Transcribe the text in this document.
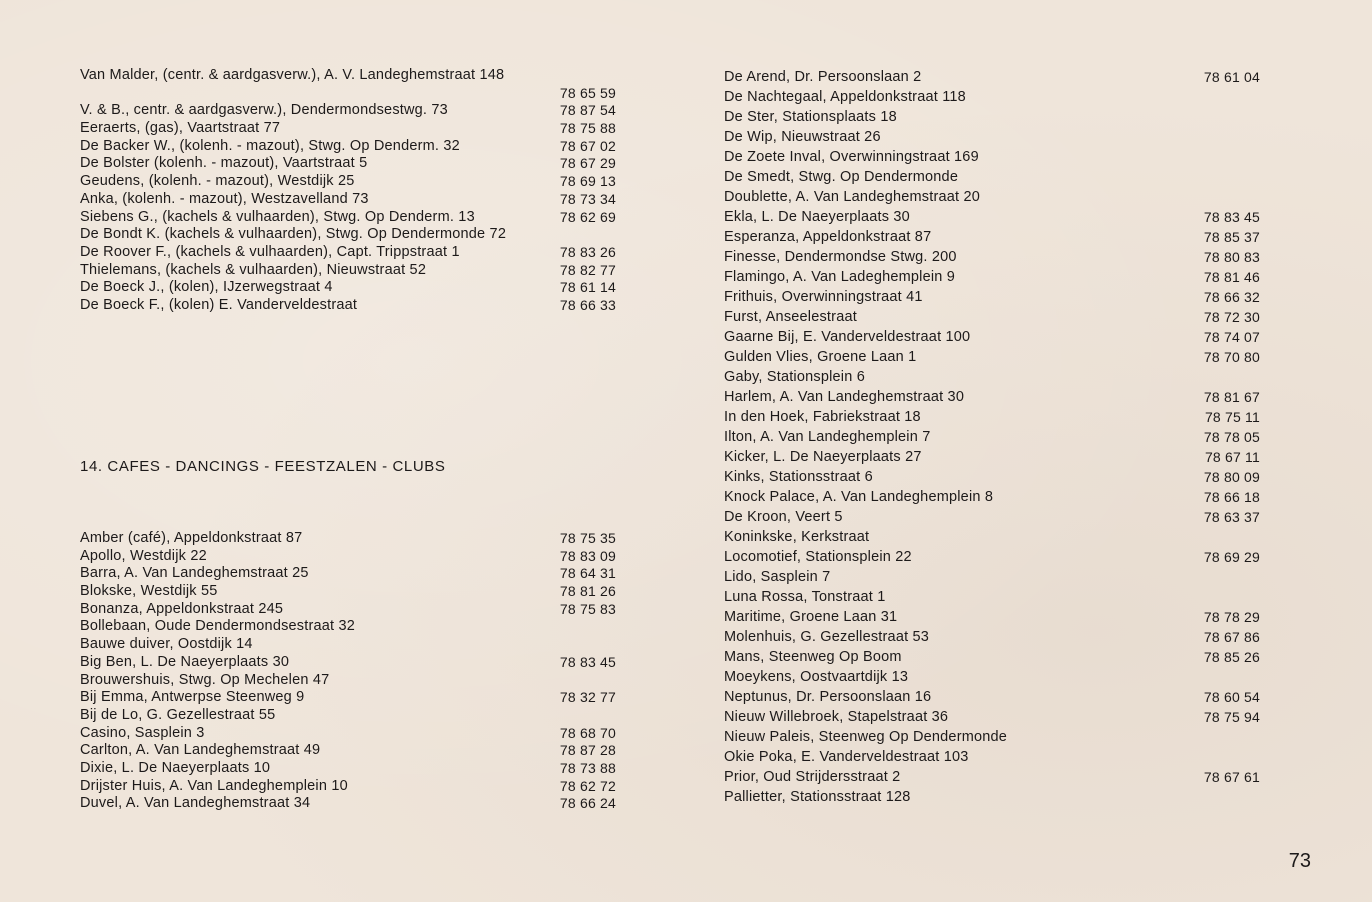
Van Malder, (centr. & aardgasverw.), A. V. Landeghemstraat 148
78 65 59
V. & B., centr. & aardgasverw.), Dendermondsestwg. 73	78 87 54
Eeraerts, (gas), Vaartstraat 77	78 75 88
De Backer W., (kolenh. - mazout), Stwg. Op Denderm. 32	78 67 02
De Bolster (kolenh. - mazout), Vaartstraat 5	78 67 29
Geudens, (kolenh. - mazout), Westdijk 25	78 69 13
Anka, (kolenh. - mazout), Westzavelland 73	78 73 34
Siebens G., (kachels & vulhaarden), Stwg. Op Denderm. 13	78 62 69
De Bondt K. (kachels & vulhaarden), Stwg. Op Dendermonde 72
De Roover F., (kachels & vulhaarden), Capt. Trippstraat 1	78 83 26
Thielemans, (kachels & vulhaarden), Nieuwstraat 52	78 82 77
De Boeck J., (kolen), IJzerwegstraat 4	78 61 14
De Boeck F., (kolen) E. Vanderveldestraat	78 66 33
14. CAFES - DANCINGS - FEESTZALEN - CLUBS
Amber (café), Appeldonkstraat 87	78 75 35
Apollo, Westdijk 22	78 83 09
Barra, A. Van Landeghemstraat 25	78 64 31
Blokske, Westdijk 55	78 81 26
Bonanza, Appeldonkstraat 245	78 75 83
Bollebaan, Oude Dendermondsestraat 32
Bauwe duiver, Oostdijk 14
Big Ben, L. De Naeyerplaats 30	78 83 45
Brouwershuis, Stwg. Op Mechelen 47
Bij Emma, Antwerpse Steenweg 9	78 32 77
Bij de Lo, G. Gezellestraat 55
Casino, Sasplein 3	78 68 70
Carlton, A. Van Landeghemstraat 49	78 87 28
Dixie, L. De Naeyerplaats 10	78 73 88
Drijster Huis, A. Van Landeghemplein 10	78 62 72
Duvel, A. Van Landeghemstraat 34	78 66 24
De Arend, Dr. Persoonslaan 2	78 61 04
De Nachtegaal, Appeldonkstraat 118
De Ster, Stationsplaats 18
De Wip, Nieuwstraat 26
De Zoete Inval, Overwinningstraat 169
De Smedt, Stwg. Op Dendermonde
Doublette, A. Van Landeghemstraat 20
Ekla, L. De Naeyerplaats 30	78 83 45
Esperanza, Appeldonkstraat 87	78 85 37
Finesse, Dendermondse Stwg. 200	78 80 83
Flamingo, A. Van Ladeghemplein 9	78 81 46
Frithuis, Overwinningstraat 41	78 66 32
Furst, Anseelestraat	78 72 30
Gaarne Bij, E. Vanderveldestraat 100	78 74 07
Gulden Vlies, Groene Laan 1	78 70 80
Gaby, Stationsplein 6
Harlem, A. Van Landeghemstraat 30	78 81 67
In den Hoek, Fabriekstraat 18	78 75 11
Ilton, A. Van Landeghemplein 7	78 78 05
Kicker, L. De Naeyerplaats 27	78 67 11
Kinks, Stationsstraat 6	78 80 09
Knock Palace, A. Van Landeghemplein 8	78 66 18
De Kroon, Veert 5	78 63 37
Koninkske, Kerkstraat
Locomotief, Stationsplein 22	78 69 29
Lido, Sasplein 7
Luna Rossa, Tonstraat 1
Maritime, Groene Laan 31	78 78 29
Molenhuis, G. Gezellestraat 53	78 67 86
Mans, Steenweg Op Boom	78 85 26
Moeykens, Oostvaartdijk 13
Neptunus, Dr. Persoonslaan 16	78 60 54
Nieuw Willebroek, Stapelstraat 36	78 75 94
Nieuw Paleis, Steenweg Op Dendermonde
Okie Poka, E. Vanderveldestraat 103
Prior, Oud Strijdersstraat 2	78 67 61
Pallietter, Stationsstraat 128
73
